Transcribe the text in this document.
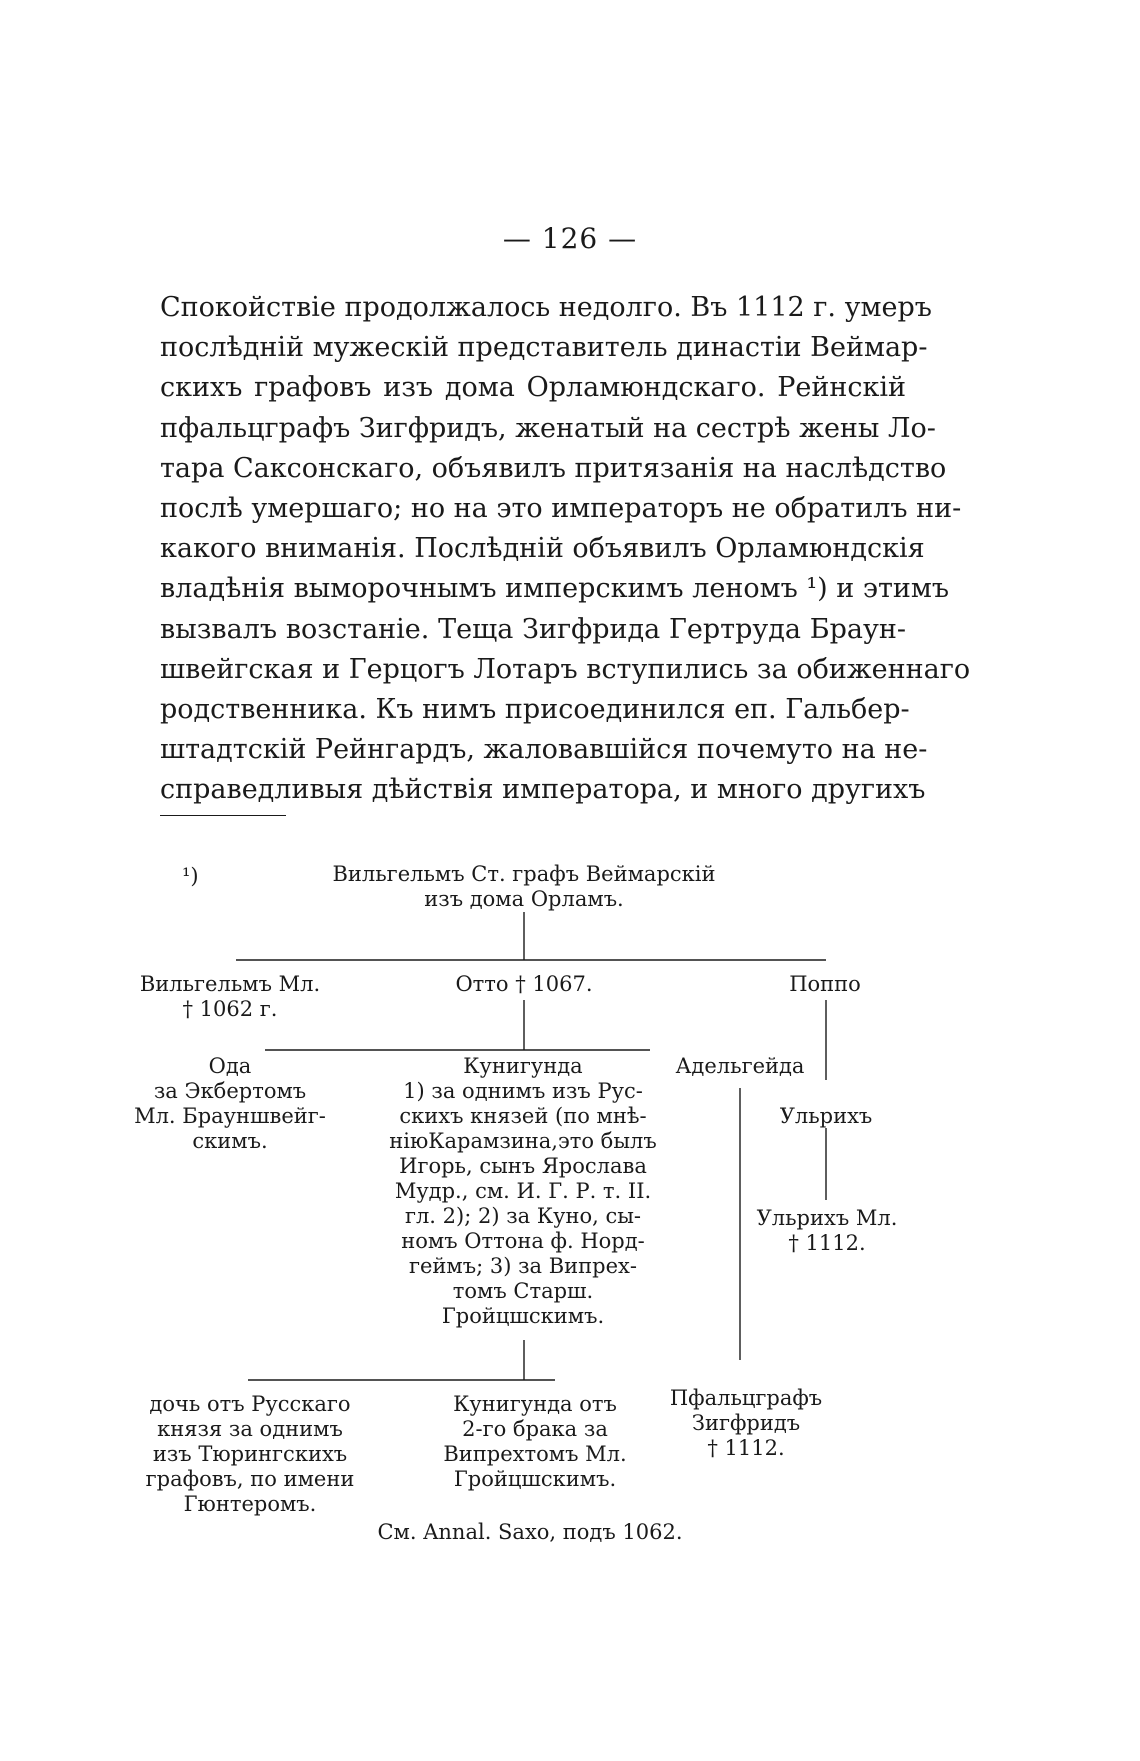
— 126 —
Спокойствіе продолжалось недолго. Въ 1112 г. умеръ
послѣдній мужескій представитель династіи Веймар-
скихъ графовъ изъ дома Орламюндскаго. Рейнскій
пфальцграфъ Зигфридъ, женатый на сестрѣ жены Ло-
тара Саксонскаго, объявилъ притязанія на наслѣдство
послѣ умершаго; но на это императоръ не обратилъ ни-
какого вниманія. Послѣдній объявилъ Орламюндскія
владѣнія выморочнымъ имперскимъ леномъ ¹) и этимъ
вызвалъ возстаніе. Теща Зигфрида Гертруда Браун-
швейгская и Герцогъ Лотаръ вступились за обиженнаго
родственника. Къ нимъ присоединился еп. Гальбер-
штадтскій Рейнгардъ, жаловавшійся почемуто на не-
справедливыя дѣйствія императора, и много другихъ
¹)	Вильгельмъ Ст. графъ Веймарскій
изъ дома Орламъ.
Вильгельмъ Мл.
† 1062 г.
Отто † 1067.	Поппо
Ода
за Экбертомъ
Мл. Брауншвейг-
скимъ.
Кунигунда
1) за однимъ изъ Рус-
скихъ князей (по мнѣ-
ніюКарамзина,это былъ
Игорь, сынъ Ярослава
Мудр., см. И. Г. Р. т. II.
гл. 2); 2) за Куно, сы-
номъ Оттона ф. Норд-
геймъ; 3) за Випрех-
томъ Старш.
Гройцшскимъ.
Адельгейда
Ульрихъ
Ульрихъ Мл.
† 1112.
дочь отъ Русскаго
князя за однимъ
изъ Тюрингскихъ
графовъ, по имени
Гюнтеромъ.
Кунигунда отъ
2-го брака за
Випрехтомъ Мл.
Гройцшскимъ.
Пфальцграфъ
Зигфридъ
† 1112.
См. Annal. Saxo, подъ 1062.
